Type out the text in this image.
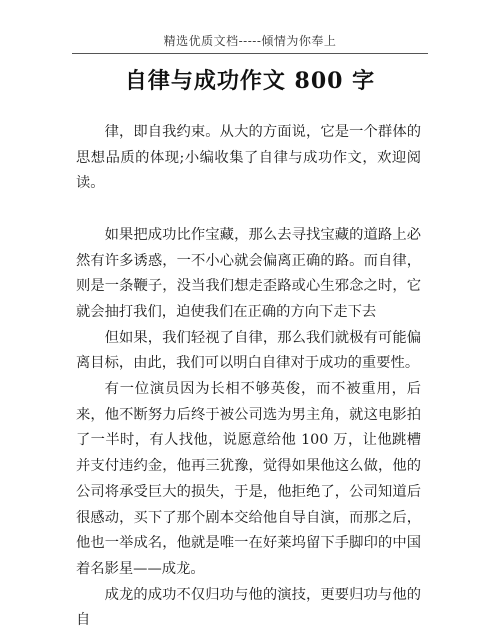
精选优质文档-----倾情为你奉上
自律与成功作文 800 字

律，即自我约束。从大的方面说，它是一个群体的思想品质的体现;小编收集了自律与成功作文，欢迎阅读。

如果把成功比作宝藏，那么去寻找宝藏的道路上必然有许多诱惑，一不小心就会偏离正确的路。而自律，则是一条鞭子，没当我们想走歪路或心生邪念之时，它就会抽打我们，迫使我们在正确的方向下走下去

但如果，我们轻视了自律，那么我们就极有可能偏离目标，由此，我们可以明白自律对于成功的重要性。

有一位演员因为长相不够英俊，而不被重用，后来，他不断努力后终于被公司选为男主角，就这电影拍了一半时，有人找他，说愿意给他 100 万，让他跳槽并支付违约金，他再三犹豫，觉得如果他这么做，他的公司将承受巨大的损失，于是，他拒绝了，公司知道后很感动，买下了那个剧本交给他自导自演，而那之后，他也一举成名，他就是唯一在好莱坞留下手脚印的中国着名影星——成龙。

成龙的成功不仅归功与他的演技，更要归功与他的自
